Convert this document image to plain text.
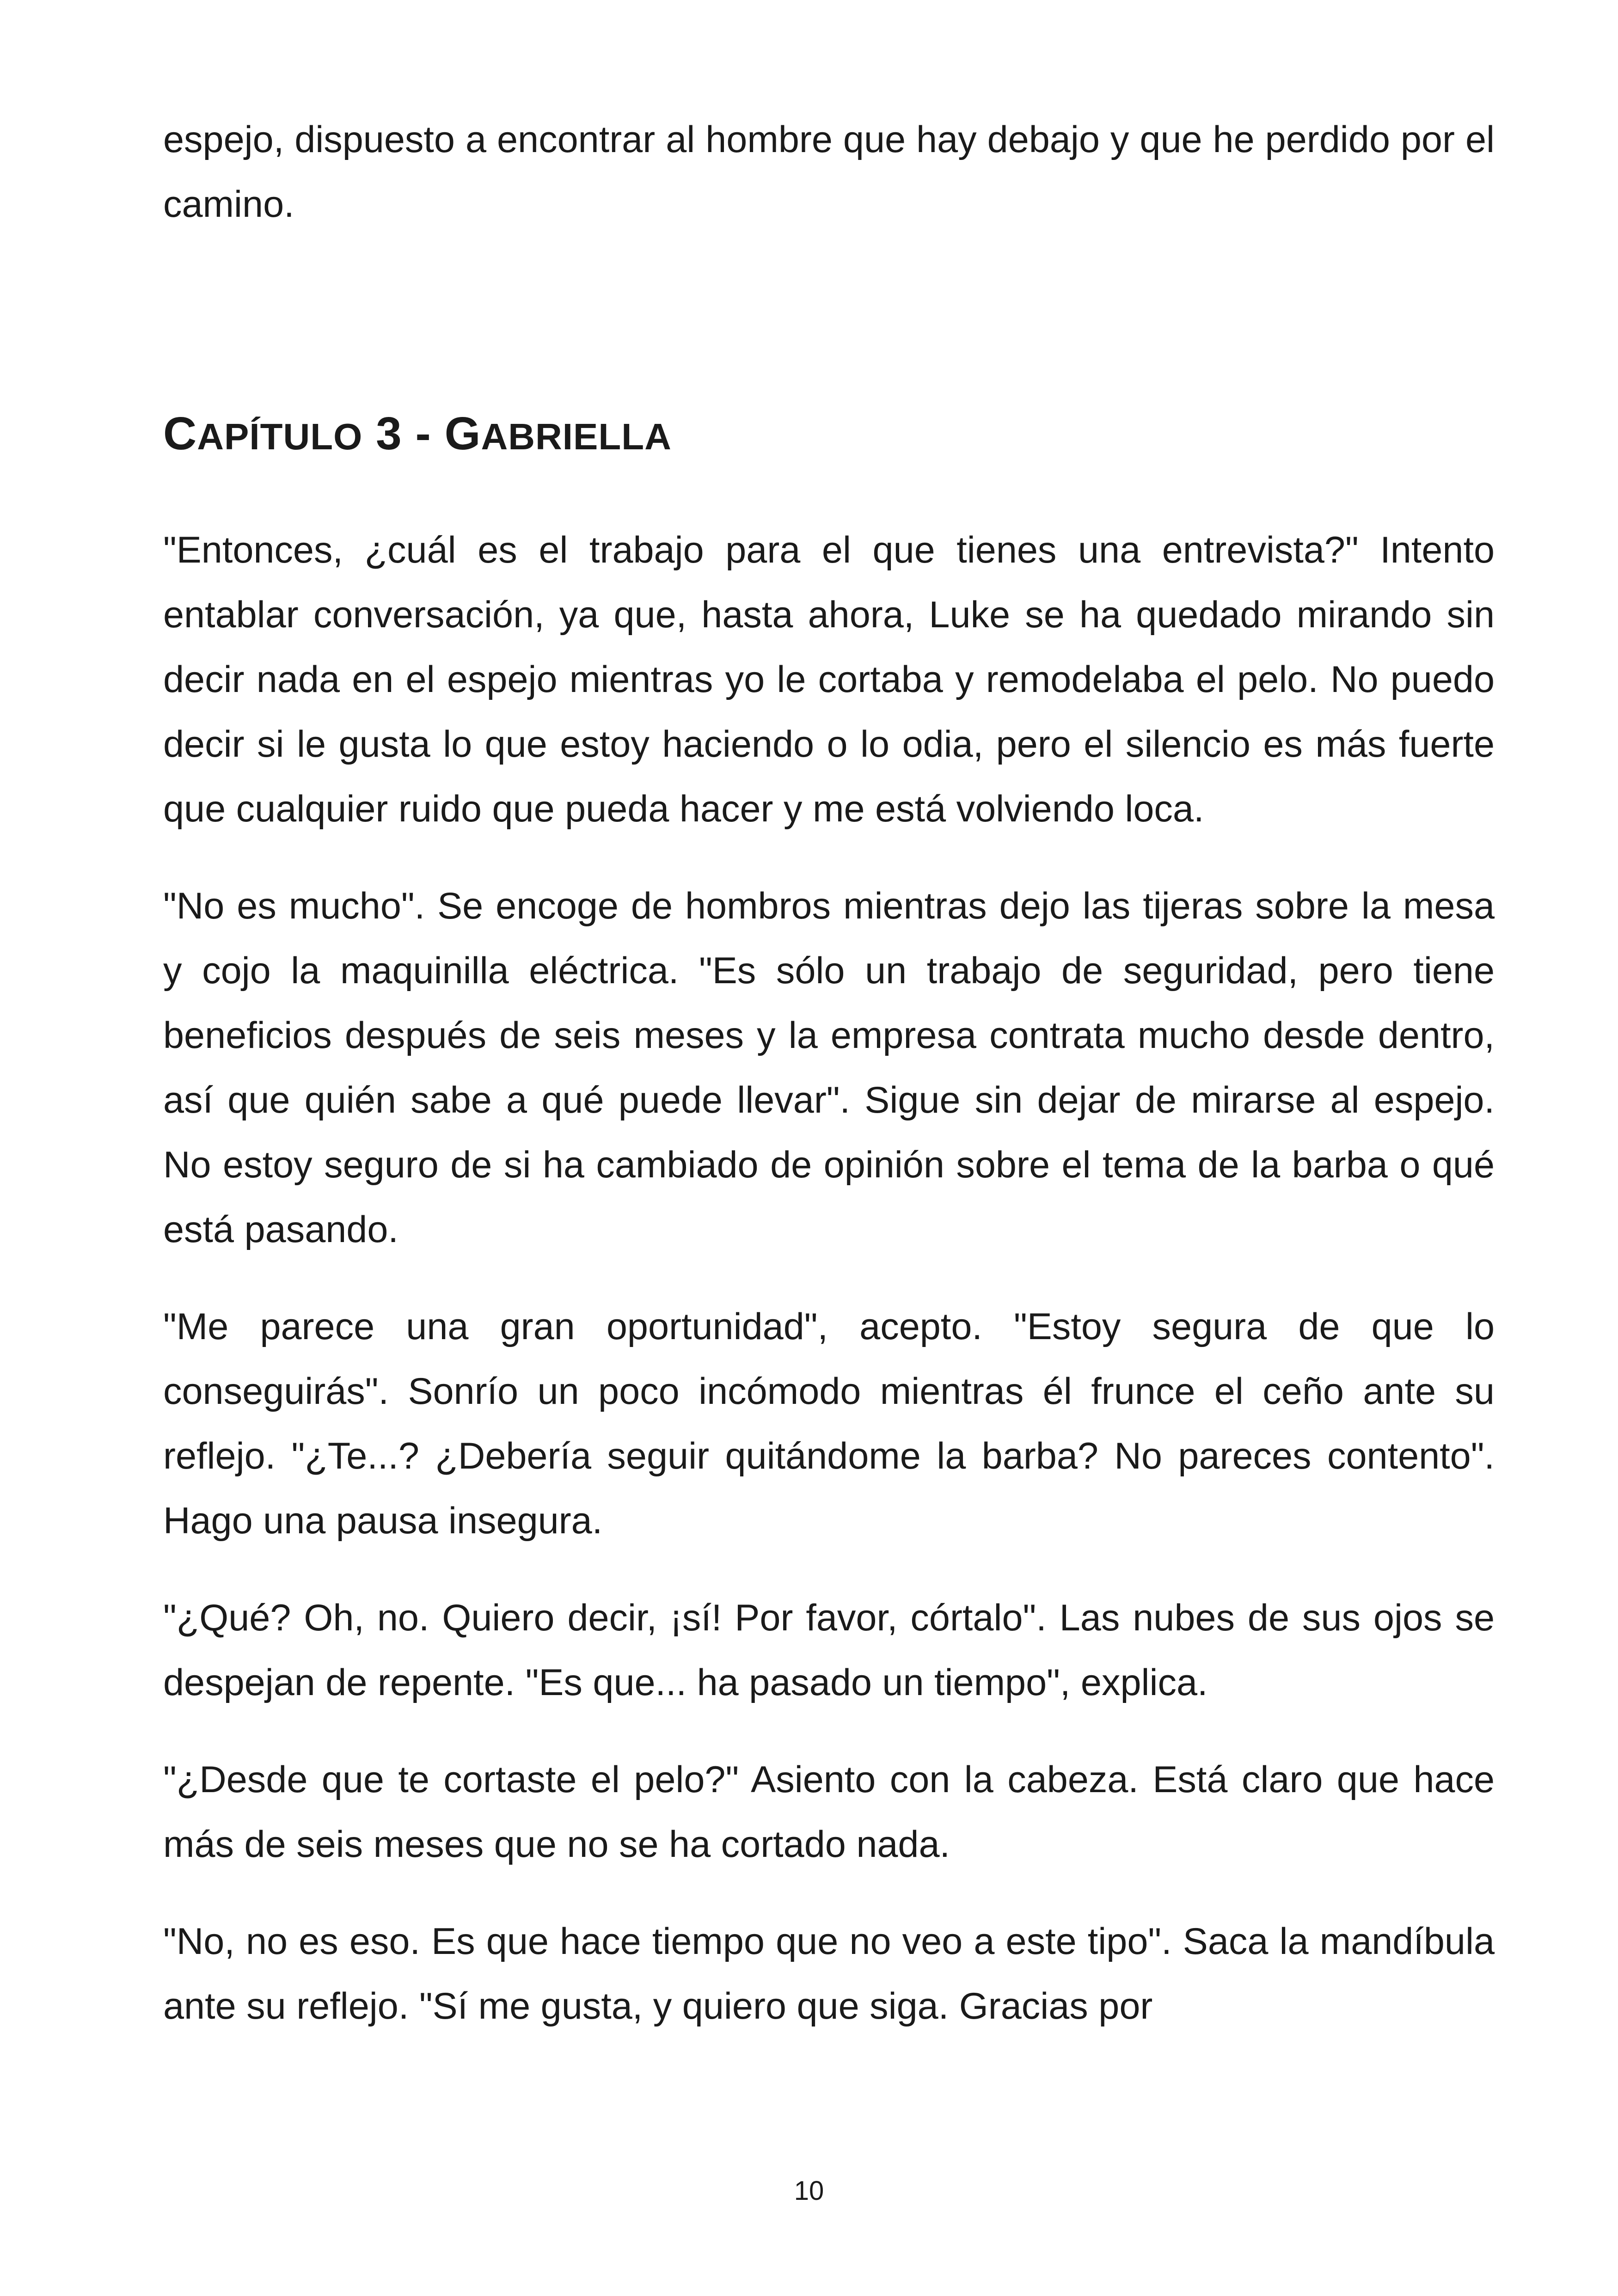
espejo, dispuesto a encontrar al hombre que hay debajo y que he perdido por el camino.

CAPÍTULO 3 - GABRIELLA

"Entonces, ¿cuál es el trabajo para el que tienes una entrevista?" Intento entablar conversación, ya que, hasta ahora, Luke se ha quedado mirando sin decir nada en el espejo mientras yo le cortaba y remodelaba el pelo. No puedo decir si le gusta lo que estoy haciendo o lo odia, pero el silencio es más fuerte que cualquier ruido que pueda hacer y me está volviendo loca.

"No es mucho". Se encoge de hombros mientras dejo las tijeras sobre la mesa y cojo la maquinilla eléctrica. "Es sólo un trabajo de seguridad, pero tiene beneficios después de seis meses y la empresa contrata mucho desde dentro, así que quién sabe a qué puede llevar". Sigue sin dejar de mirarse al espejo. No estoy seguro de si ha cambiado de opinión sobre el tema de la barba o qué está pasando.

"Me parece una gran oportunidad", acepto. "Estoy segura de que lo conseguirás". Sonrío un poco incómodo mientras él frunce el ceño ante su reflejo. "¿Te...? ¿Debería seguir quitándome la barba? No pareces contento". Hago una pausa insegura.

"¿Qué? Oh, no. Quiero decir, ¡sí! Por favor, córtalo". Las nubes de sus ojos se despejan de repente. "Es que... ha pasado un tiempo", explica.

"¿Desde que te cortaste el pelo?" Asiento con la cabeza. Está claro que hace más de seis meses que no se ha cortado nada.

"No, no es eso. Es que hace tiempo que no veo a este tipo". Saca la mandíbula ante su reflejo. "Sí me gusta, y quiero que siga. Gracias por

10
